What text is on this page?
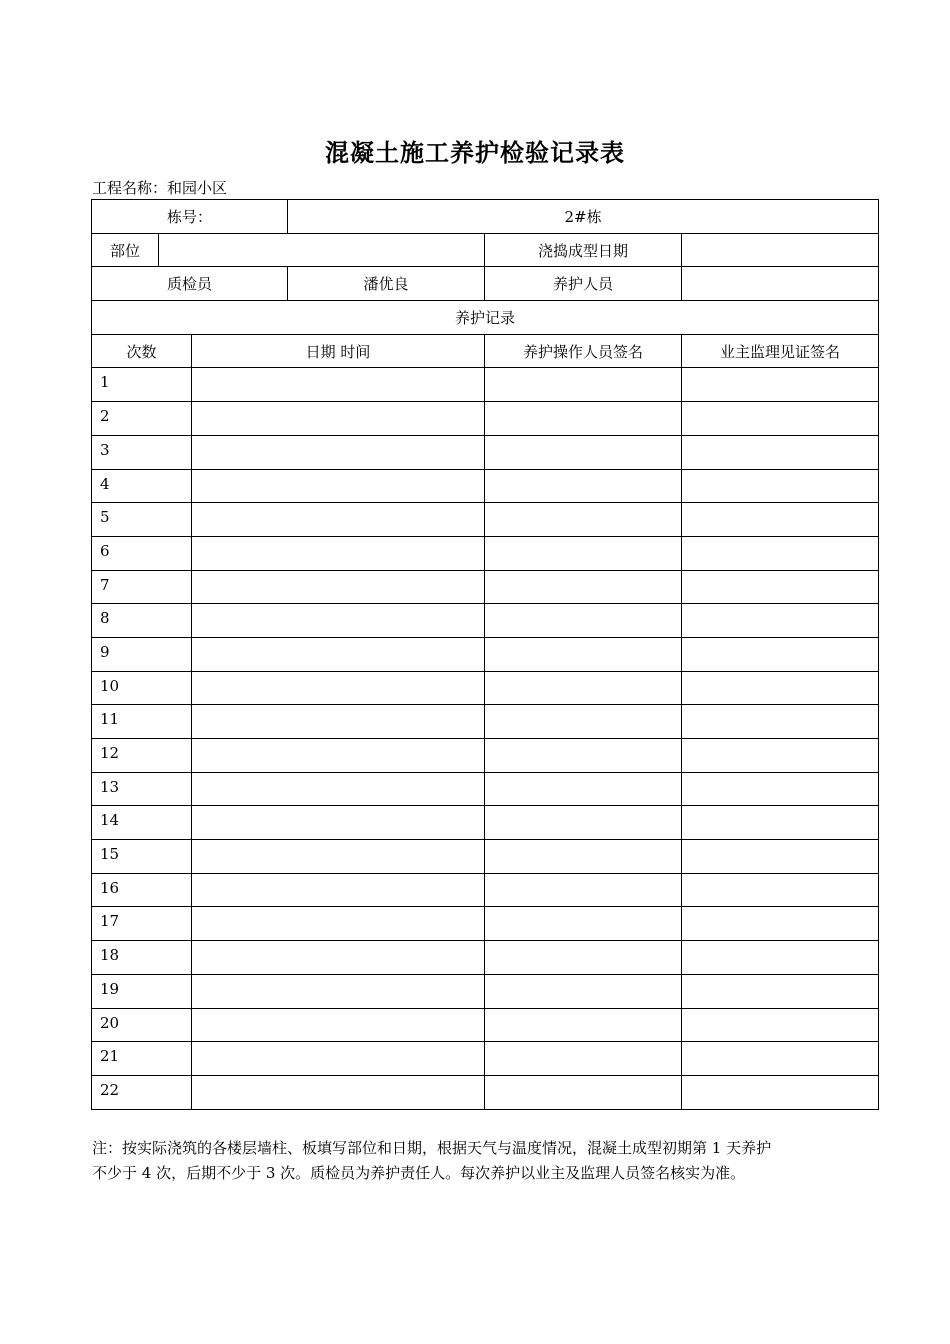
混凝土施工养护检验记录表
工程名称：和园小区
栋号：			2#栋		
部位				浇捣成型日期	
质检员			潘优良	养护人员	
养护记录					
次数		日期 时间		养护操作人员签名	业主监理见证签名
1					
2					
3					
4					
5					
6					
7					
8					
9					
10					
11					
12					
13					
14					
15					
16					
17					
18					
19					
20					
21					
22					
注：按实际浇筑的各楼层墙柱、板填写部位和日期，根据天气与温度情况，混凝土成型初期第 1 天养护
不少于 4 次，后期不少于 3 次。质检员为养护责任人。每次养护以业主及监理人员签名核实为准。
